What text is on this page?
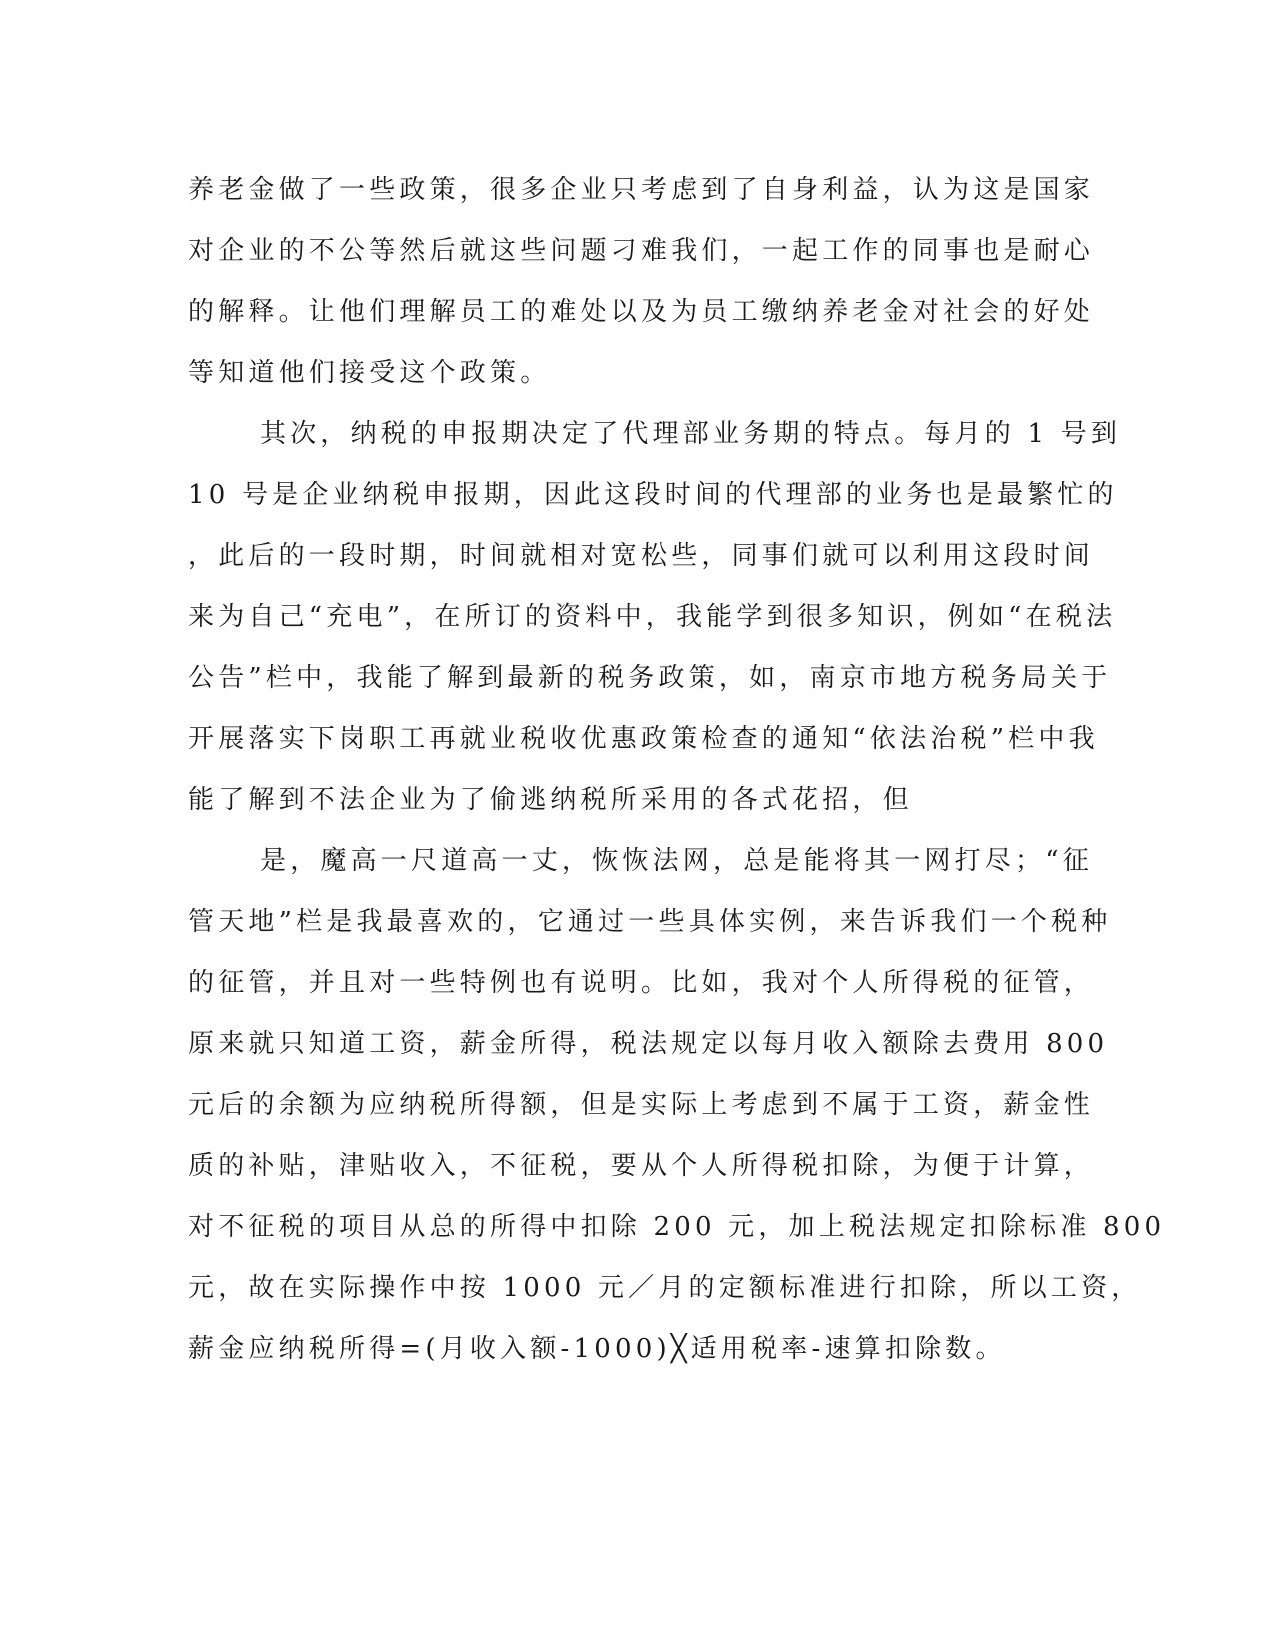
养老金做了一些政策，很多企业只考虑到了自身利益，认为这是国家
对企业的不公等然后就这些问题刁难我们，一起工作的同事也是耐心
的解释。让他们理解员工的难处以及为员工缴纳养老金对社会的好处
等知道他们接受这个政策。
其次，纳税的申报期决定了代理部业务期的特点。每月的 1 号到
10 号是企业纳税申报期，因此这段时间的代理部的业务也是最繁忙的
，此后的一段时期，时间就相对宽松些，同事们就可以利用这段时间
来为自己“充电”，在所订的资料中，我能学到很多知识，例如“在税法
公告”栏中，我能了解到最新的税务政策，如，南京市地方税务局关于
开展落实下岗职工再就业税收优惠政策检查的通知“依法治税”栏中我
能了解到不法企业为了偷逃纳税所采用的各式花招，但
是，魔高一尺道高一丈，恢恢法网，总是能将其一网打尽；“征
管天地”栏是我最喜欢的，它通过一些具体实例，来告诉我们一个税种
的征管，并且对一些特例也有说明。比如，我对个人所得税的征管，
原来就只知道工资，薪金所得，税法规定以每月收入额除去费用 800
元后的余额为应纳税所得额，但是实际上考虑到不属于工资，薪金性
质的补贴，津贴收入，不征税，要从个人所得税扣除，为便于计算，
对不征税的项目从总的所得中扣除 200 元，加上税法规定扣除标准 800
元，故在实际操作中按 1000 元／月的定额标准进行扣除，所以工资，
薪金应纳税所得=(月收入额-1000)╳适用税率-速算扣除数。
